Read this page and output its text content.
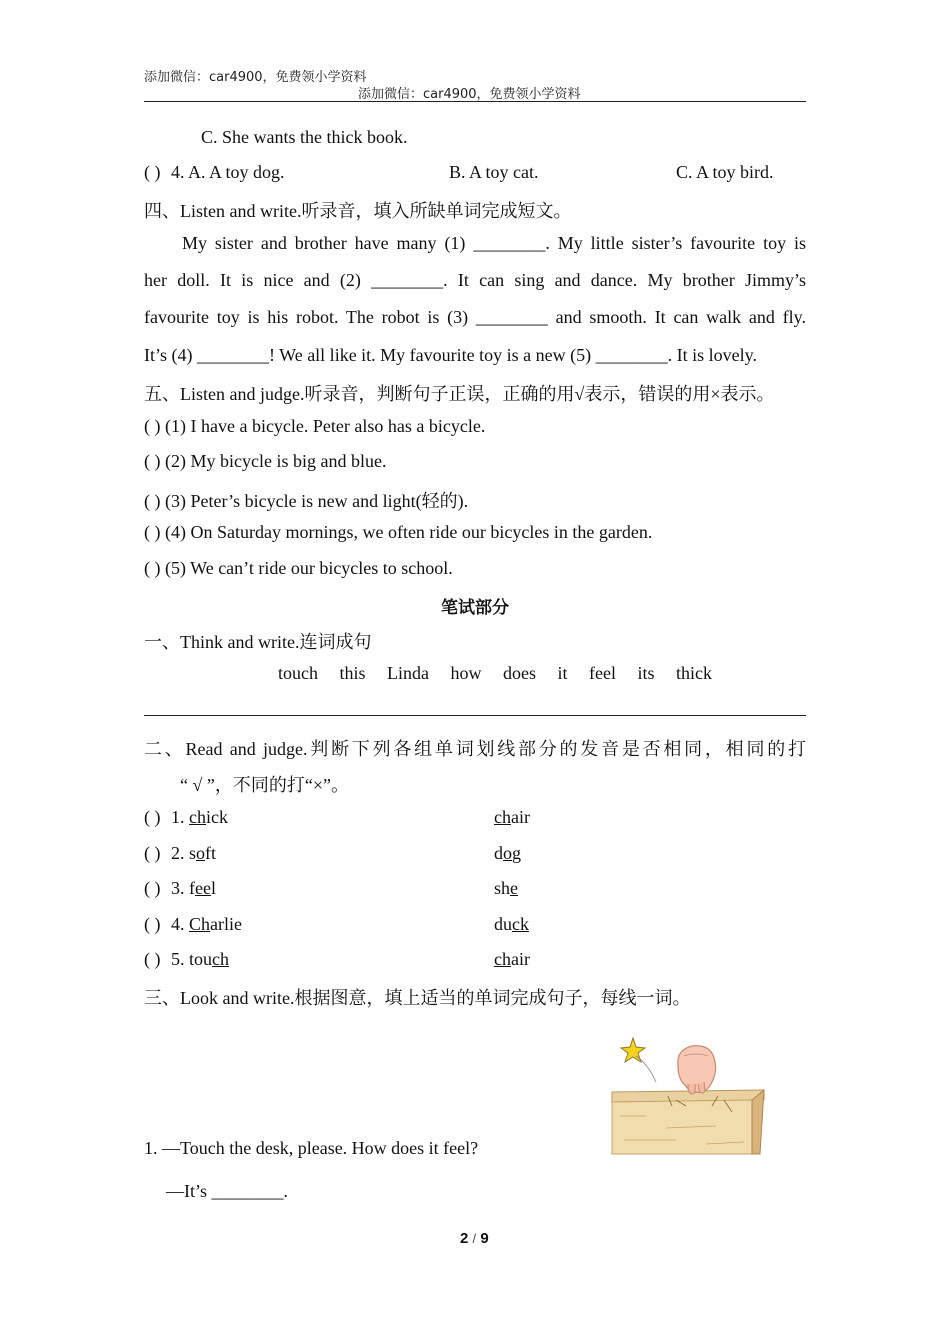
添加微信：car4900，免费领小学资料
添加微信：car4900，免费领小学资料
C. She wants the thick book.
( ) 4. A. A toy dog.	B. A toy cat.	C. A toy bird.
四、Listen and write.听录音，填入所缺单词完成短文。
My sister and brother have many (1) ________. My little sister’s favourite toy is
her doll. It is nice and (2) ________. It can sing and dance. My brother Jimmy’s
favourite toy is his robot. The robot is (3) ________ and smooth. It can walk and fly.
It’s (4) ________! We all like it. My favourite toy is a new (5) ________. It is lovely.
五、Listen and judge.听录音，判断句子正误，正确的用√表示，错误的用×表示。
( ) (1) I have a bicycle. Peter also has a bicycle.
( ) (2) My bicycle is big and blue.
( ) (3) Peter’s bicycle is new and light(轻的).
( ) (4) On Saturday mornings, we often ride our bicycles in the garden.
( ) (5) We can’t ride our bicycles to school.
笔试部分
一、Think and write.连词成句
touch this Linda how does it feel its thick
二、Read and judge.判断下列各组单词划线部分的发音是否相同，相同的打
“ √ ”，不同的打“×”。
( ) 1. chick	chair
( ) 2. soft	dog
( ) 3. feel	she
( ) 4. Charlie	duck
( ) 5. touch	chair
三、Look and write.根据图意，填上适当的单词完成句子，每线一词。
1. —Touch the desk, please. How does it feel?
—It’s ________.
2 / 9
